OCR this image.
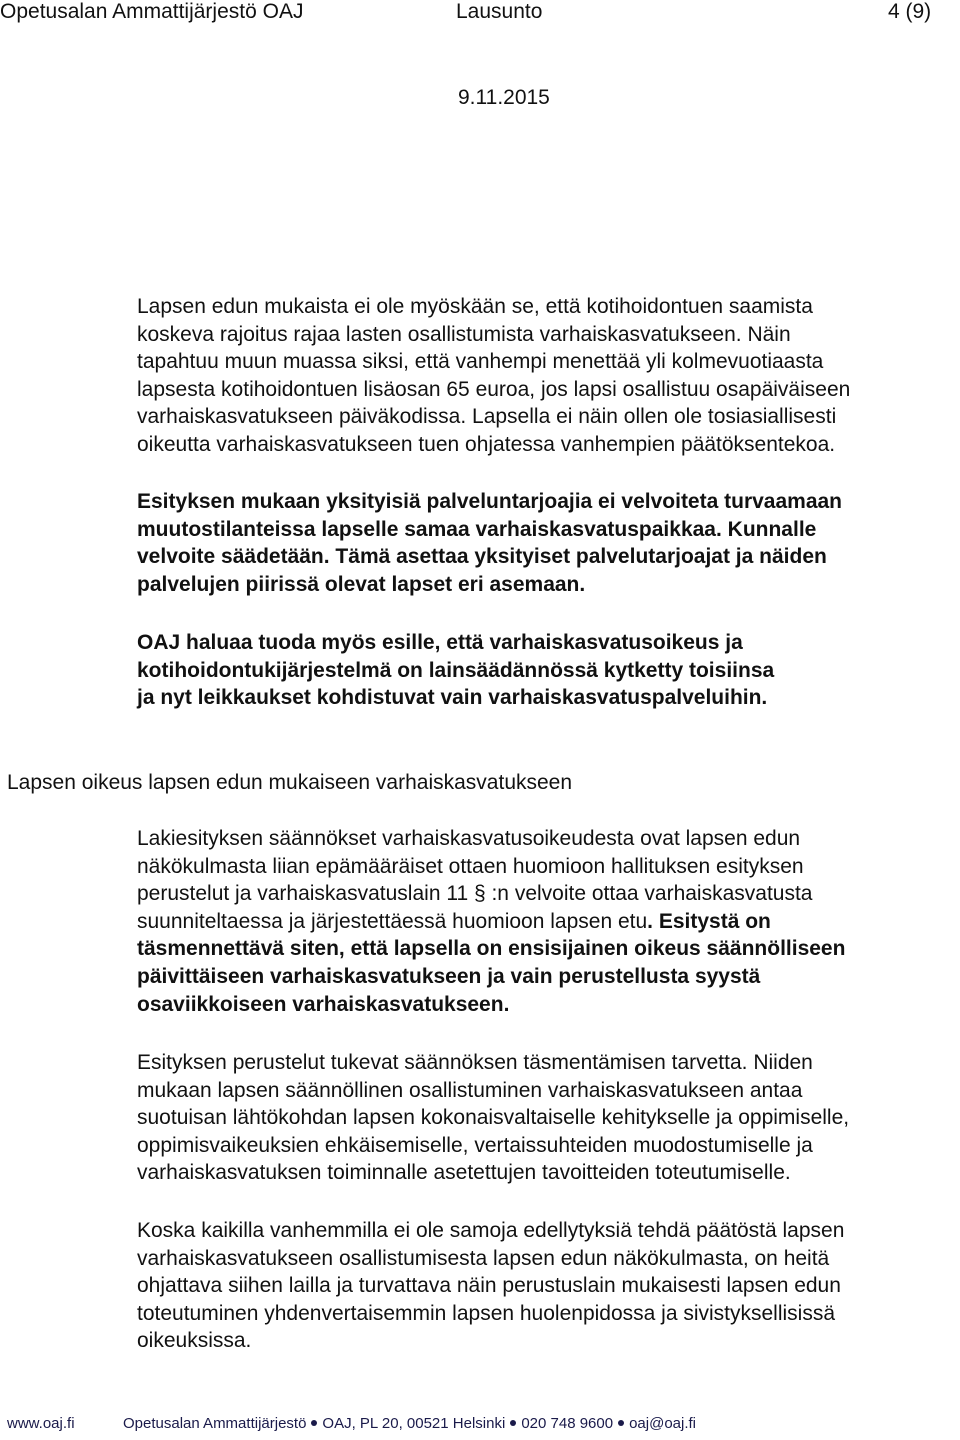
Opetusalan Ammattijärjestö OAJ	Lausunto	4 (9)
9.11.2015
Lapsen edun mukaista ei ole myöskään se, että kotihoidontuen saamista
koskeva rajoitus rajaa lasten osallistumista varhaiskasvatukseen. Näin
tapahtuu muun muassa siksi, että vanhempi menettää yli kolmevuotiaasta
lapsesta kotihoidontuen lisäosan 65 euroa, jos lapsi osallistuu osapäiväiseen
varhaiskasvatukseen päiväkodissa. Lapsella ei näin ollen ole tosiasiallisesti
oikeutta varhaiskasvatukseen tuen ohjatessa vanhempien päätöksentekoa.
Esityksen mukaan yksityisiä palveluntarjoajia ei velvoiteta turvaamaan
muutostilanteissa lapselle samaa varhaiskasvatuspaikkaa. Kunnalle
velvoite säädetään. Tämä asettaa yksityiset palvelutarjoajat ja näiden
palvelujen piirissä olevat lapset eri asemaan.
OAJ haluaa tuoda myös esille, että varhaiskasvatusoikeus ja
kotihoidontukijärjestelmä on lainsäädännössä kytketty toisiinsa
ja nyt leikkaukset kohdistuvat vain varhaiskasvatuspalveluihin.
Lapsen oikeus lapsen edun mukaiseen varhaiskasvatukseen
Lakiesityksen säännökset varhaiskasvatusoikeudesta ovat lapsen edun
näkökulmasta liian epämääräiset ottaen huomioon hallituksen esityksen
perustelut ja varhaiskasvatuslain 11 § :n velvoite ottaa varhaiskasvatusta
suunniteltaessa ja järjestettäessä huomioon lapsen etu. Esitystä on
täsmennettävä siten, että lapsella on ensisijainen oikeus säännölliseen
päivittäiseen varhaiskasvatukseen ja vain perustellusta syystä
osaviikkoiseen varhaiskasvatukseen.
Esityksen perustelut tukevat säännöksen täsmentämisen tarvetta. Niiden
mukaan lapsen säännöllinen osallistuminen varhaiskasvatukseen antaa
suotuisan lähtökohdan lapsen kokonaisvaltaiselle kehitykselle ja oppimiselle,
oppimisvaikeuksien ehkäisemiselle, vertaissuhteiden muodostumiselle ja
varhaiskasvatuksen toiminnalle asetettujen tavoitteiden toteutumiselle.
Koska kaikilla vanhemmilla ei ole samoja edellytyksiä tehdä päätöstä lapsen
varhaiskasvatukseen osallistumisesta lapsen edun näkökulmasta, on heitä
ohjattava siihen lailla ja turvattava näin perustuslain mukaisesti lapsen edun
toteutuminen yhdenvertaisemmin lapsen huolenpidossa ja sivistyksellisissä
oikeuksissa.
www.oaj.fi	Opetusalan Ammattijärjestö OAJ, PL 20, 00521 Helsinki 020 748 9600 oaj@oaj.fi
